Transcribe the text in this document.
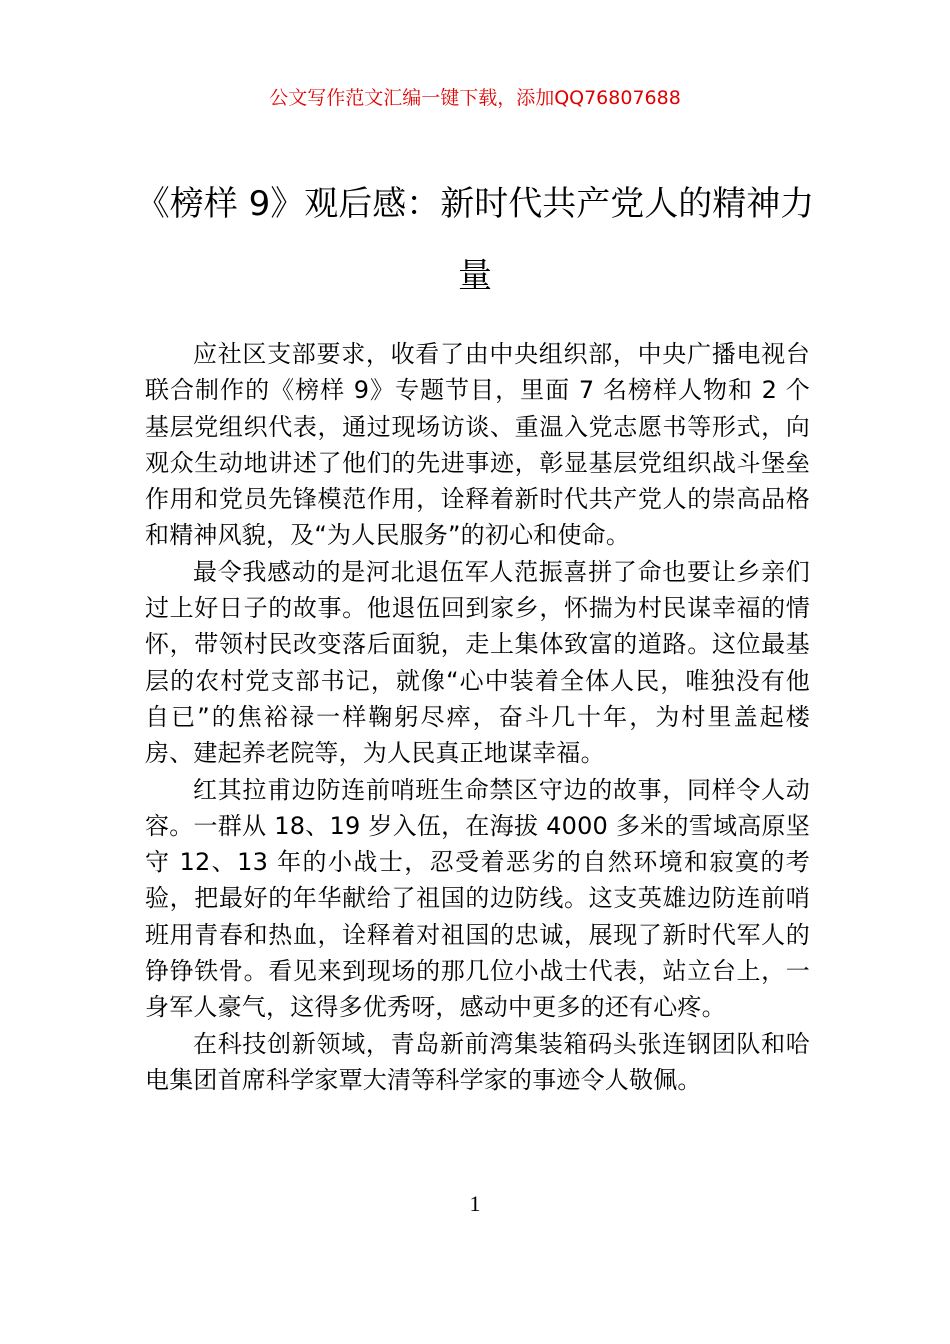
公文写作范文汇编一键下载，添加QQ76807688
《榜样 9》观后感：新时代共产党人的精神力量

应社区支部要求，收看了由中央组织部，中央广播电视台联合制作的《榜样 9》专题节目，里面 7 名榜样人物和 2 个基层党组织代表，通过现场访谈、重温入党志愿书等形式，向观众生动地讲述了他们的先进事迹，彰显基层党组织战斗堡垒作用和党员先锋模范作用，诠释着新时代共产党人的崇高品格和精神风貌，及“为人民服务”的初心和使命。

最令我感动的是河北退伍军人范振喜拼了命也要让乡亲们过上好日子的故事。他退伍回到家乡，怀揣为村民谋幸福的情怀，带领村民改变落后面貌，走上集体致富的道路。这位最基层的农村党支部书记，就像“心中装着全体人民，唯独没有他自已”的焦裕禄一样鞠躬尽瘁，奋斗几十年，为村里盖起楼房、建起养老院等，为人民真正地谋幸福。

红其拉甫边防连前哨班生命禁区守边的故事，同样令人动容。一群从 18、19 岁入伍，在海拔 4000 多米的雪域高原坚守 12、13 年的小战士，忍受着恶劣的自然环境和寂寞的考验，把最好的年华献给了祖国的边防线。这支英雄边防连前哨班用青春和热血，诠释着对祖国的忠诚，展现了新时代军人的铮铮铁骨。看见来到现场的那几位小战士代表，站立台上，一身军人豪气，这得多优秀呀，感动中更多的还有心疼。

在科技创新领域，青岛新前湾集装箱码头张连钢团队和哈电集团首席科学家覃大清等科学家的事迹令人敬佩。

1
